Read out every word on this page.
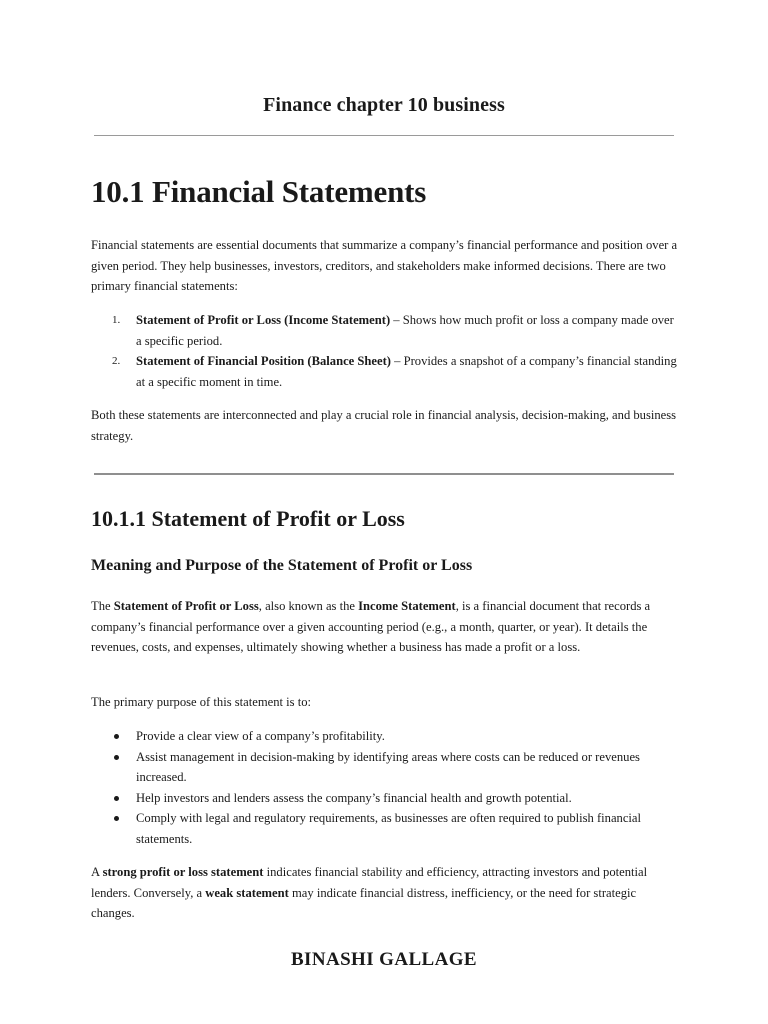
Finance chapter 10 business
10.1 Financial Statements

Financial statements are essential documents that summarize a company’s financial performance and position over a given period. They help businesses, investors, creditors, and stakeholders make informed decisions. There are two primary financial statements:

1. Statement of Profit or Loss (Income Statement) – Shows how much profit or loss a company made over a specific period.
2. Statement of Financial Position (Balance Sheet) – Provides a snapshot of a company’s financial standing at a specific moment in time.

Both these statements are interconnected and play a crucial role in financial analysis, decision-making, and business strategy.

10.1.1 Statement of Profit or Loss
Meaning and Purpose of the Statement of Profit or Loss

The Statement of Profit or Loss, also known as the Income Statement, is a financial document that records a company’s financial performance over a given accounting period (e.g., a month, quarter, or year). It details the revenues, costs, and expenses, ultimately showing whether a business has made a profit or a loss.

The primary purpose of this statement is to:

Provide a clear view of a company’s profitability.
Assist management in decision-making by identifying areas where costs can be reduced or revenues increased.
Help investors and lenders assess the company’s financial health and growth potential.
Comply with legal and regulatory requirements, as businesses are often required to publish financial statements.

A strong profit or loss statement indicates financial stability and efficiency, attracting investors and potential lenders. Conversely, a weak statement may indicate financial distress, inefficiency, or the need for strategic changes.

BINASHI GALLAGE
